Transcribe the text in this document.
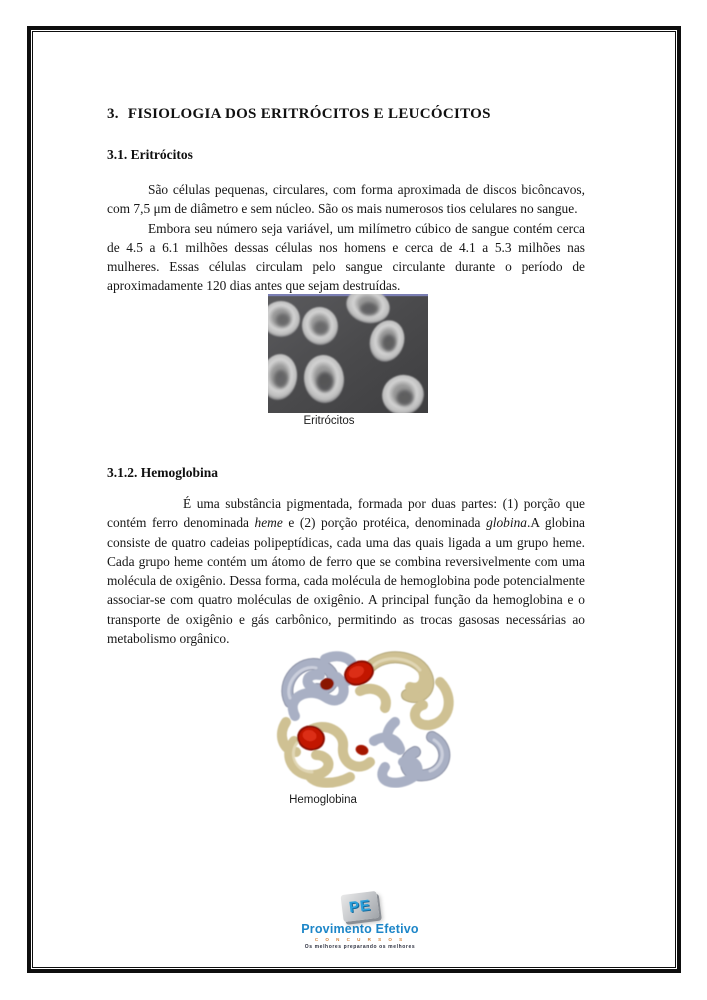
3. FISIOLOGIA DOS ERITRÓCITOS E LEUCÓCITOS
3.1. Eritrócitos

São células pequenas, circulares, com forma aproximada de discos bicôncavos, com 7,5 μm de diâmetro e sem núcleo. São os mais numerosos tios celulares no sangue.

Embora seu número seja variável, um milímetro cúbico de sangue contém cerca de 4.5 a 6.1 milhões dessas células nos homens e cerca de 4.1 a 5.3 milhões nas mulheres. Essas células circulam pelo sangue circulante durante o período de aproximadamente 120 dias antes que sejam destruídas.

Eritrócitos
3.1.2. Hemoglobina

É uma substância pigmentada, formada por duas partes: (1) porção que contém ferro denominada heme e (2) porção protéica, denominada globina.A globina consiste de quatro cadeias polipeptídicas, cada uma das quais ligada a um grupo heme. Cada grupo heme contém um átomo de ferro que se combina reversivelmente com uma molécula de oxigênio. Dessa forma, cada molécula de hemoglobina pode potencialmente associar-se com quatro moléculas de oxigênio. A principal função da hemoglobina e o transporte de oxigênio e gás carbônico, permitindo as trocas gasosas necessárias ao metabolismo orgânico.

Hemoglobina
PE
Provimento Efetivo
C O N C U R S O S
Os melhores preparando os melhores
